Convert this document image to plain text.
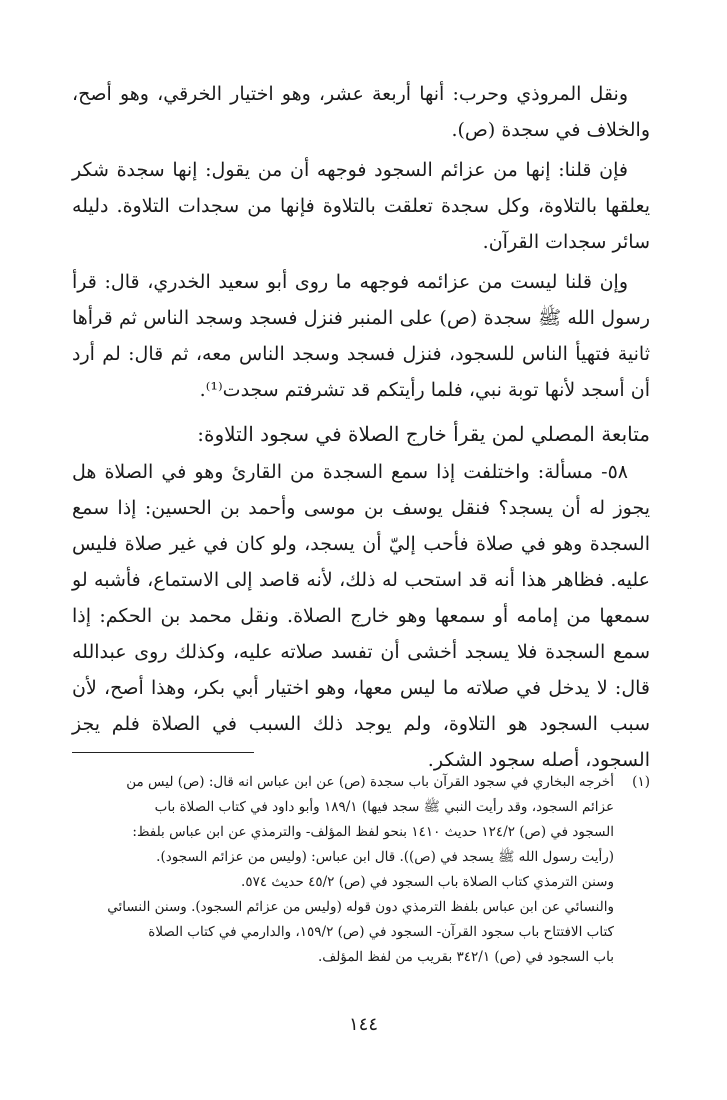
ونقل المروذي وحرب: أنها أربعة عشر، وهو اختيار الخرقي، وهو أصح، والخلاف في سجدة (ص).

فإن قلنا: إنها من عزائم السجود فوجهه أن من يقول: إنها سجدة شكر يعلقها بالتلاوة، وكل سجدة تعلقت بالتلاوة فإنها من سجدات التلاوة. دليله سائر سجدات القرآن.

وإن قلنا ليست من عزائمه فوجهه ما روى أبو سعيد الخدري، قال: قرأ رسول الله ﷺ سجدة (ص) على المنبر فنزل فسجد وسجد الناس ثم قرأها ثانية فتهيأ الناس للسجود، فنزل فسجد وسجد الناس معه، ثم قال: لم أرد أن أسجد لأنها توبة نبي، فلما رأيتكم قد تشرفتم سجدت⁽¹⁾.

متابعة المصلي لمن يقرأ خارج الصلاة في سجود التلاوة:

٥٨- مسألة: واختلفت إذا سمع السجدة من القارئ وهو في الصلاة هل يجوز له أن يسجد؟ فنقل يوسف بن موسى وأحمد بن الحسين: إذا سمع السجدة وهو في صلاة فأحب إليّ أن يسجد، ولو كان في غير صلاة فليس عليه. فظاهر هذا أنه قد استحب له ذلك، لأنه قاصد إلى الاستماع، فأشبه لو سمعها من إمامه أو سمعها وهو خارج الصلاة. ونقل محمد بن الحكم: إذا سمع السجدة فلا يسجد أخشى أن تفسد صلاته عليه، وكذلك روى عبدالله قال: لا يدخل في صلاته ما ليس معها، وهو اختيار أبي بكر، وهذا أصح، لأن سبب السجود هو التلاوة، ولم يوجد ذلك السبب في الصلاة فلم يجز السجود، أصله سجود الشكر.

(١)
أخرجه البخاري في سجود القرآن باب سجدة (ص) عن ابن عباس انه قال: (ص) ليس من
عزائم السجود، وقد رأيت النبي ﷺ سجد فيها) ١٨٩/١ وأبو داود في كتاب الصلاة باب
السجود في (ص) ١٢٤/٢ حديث ١٤١٠ بنحو لفظ المؤلف- والترمذي عن ابن عباس بلفظ:
(رأيت رسول الله ﷺ يسجد في (ص)). قال ابن عباس: (وليس من عزائم السجود).
وسنن الترمذي كتاب الصلاة باب السجود في (ص) ٤٥/٢ حديث ٥٧٤.
والنسائي عن ابن عباس بلفظ الترمذي دون قوله (وليس من عزائم السجود). وسنن النسائي
كتاب الافتتاح باب سجود القرآن- السجود في (ص) ١٥٩/٢، والدارمي في كتاب الصلاة
باب السجود في (ص) ٣٤٢/١ بقريب من لفظ المؤلف.
١٤٤
